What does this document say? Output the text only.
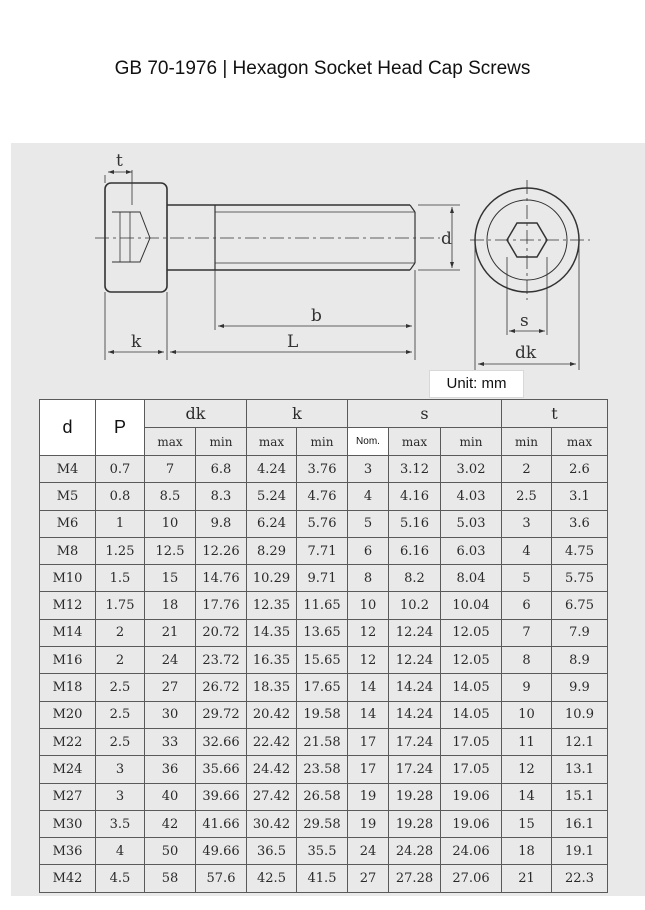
GB 70-1976 | Hexagon Socket Head Cap Screws
t
d
b
k	L
s
dk
Unit: mm
d	P	dk		k		s			t	
		max	min	max	min	Nom.	max	min	min	max
M4	0.7	7	6.8	4.24	3.76	3	3.12	3.02	2	2.6
M5	0.8	8.5	8.3	5.24	4.76	4	4.16	4.03	2.5	3.1
M6	1	10	9.8	6.24	5.76	5	5.16	5.03	3	3.6
M8	1.25	12.5	12.26	8.29	7.71	6	6.16	6.03	4	4.75
M10	1.5	15	14.76	10.29	9.71	8	8.2	8.04	5	5.75
M12	1.75	18	17.76	12.35	11.65	10	10.2	10.04	6	6.75
M14	2	21	20.72	14.35	13.65	12	12.24	12.05	7	7.9
M16	2	24	23.72	16.35	15.65	12	12.24	12.05	8	8.9
M18	2.5	27	26.72	18.35	17.65	14	14.24	14.05	9	9.9
M20	2.5	30	29.72	20.42	19.58	14	14.24	14.05	10	10.9
M22	2.5	33	32.66	22.42	21.58	17	17.24	17.05	11	12.1
M24	3	36	35.66	24.42	23.58	17	17.24	17.05	12	13.1
M27	3	40	39.66	27.42	26.58	19	19.28	19.06	14	15.1
M30	3.5	42	41.66	30.42	29.58	19	19.28	19.06	15	16.1
M36	4	50	49.66	36.5	35.5	24	24.28	24.06	18	19.1
M42	4.5	58	57.6	42.5	41.5	27	27.28	27.06	21	22.3
